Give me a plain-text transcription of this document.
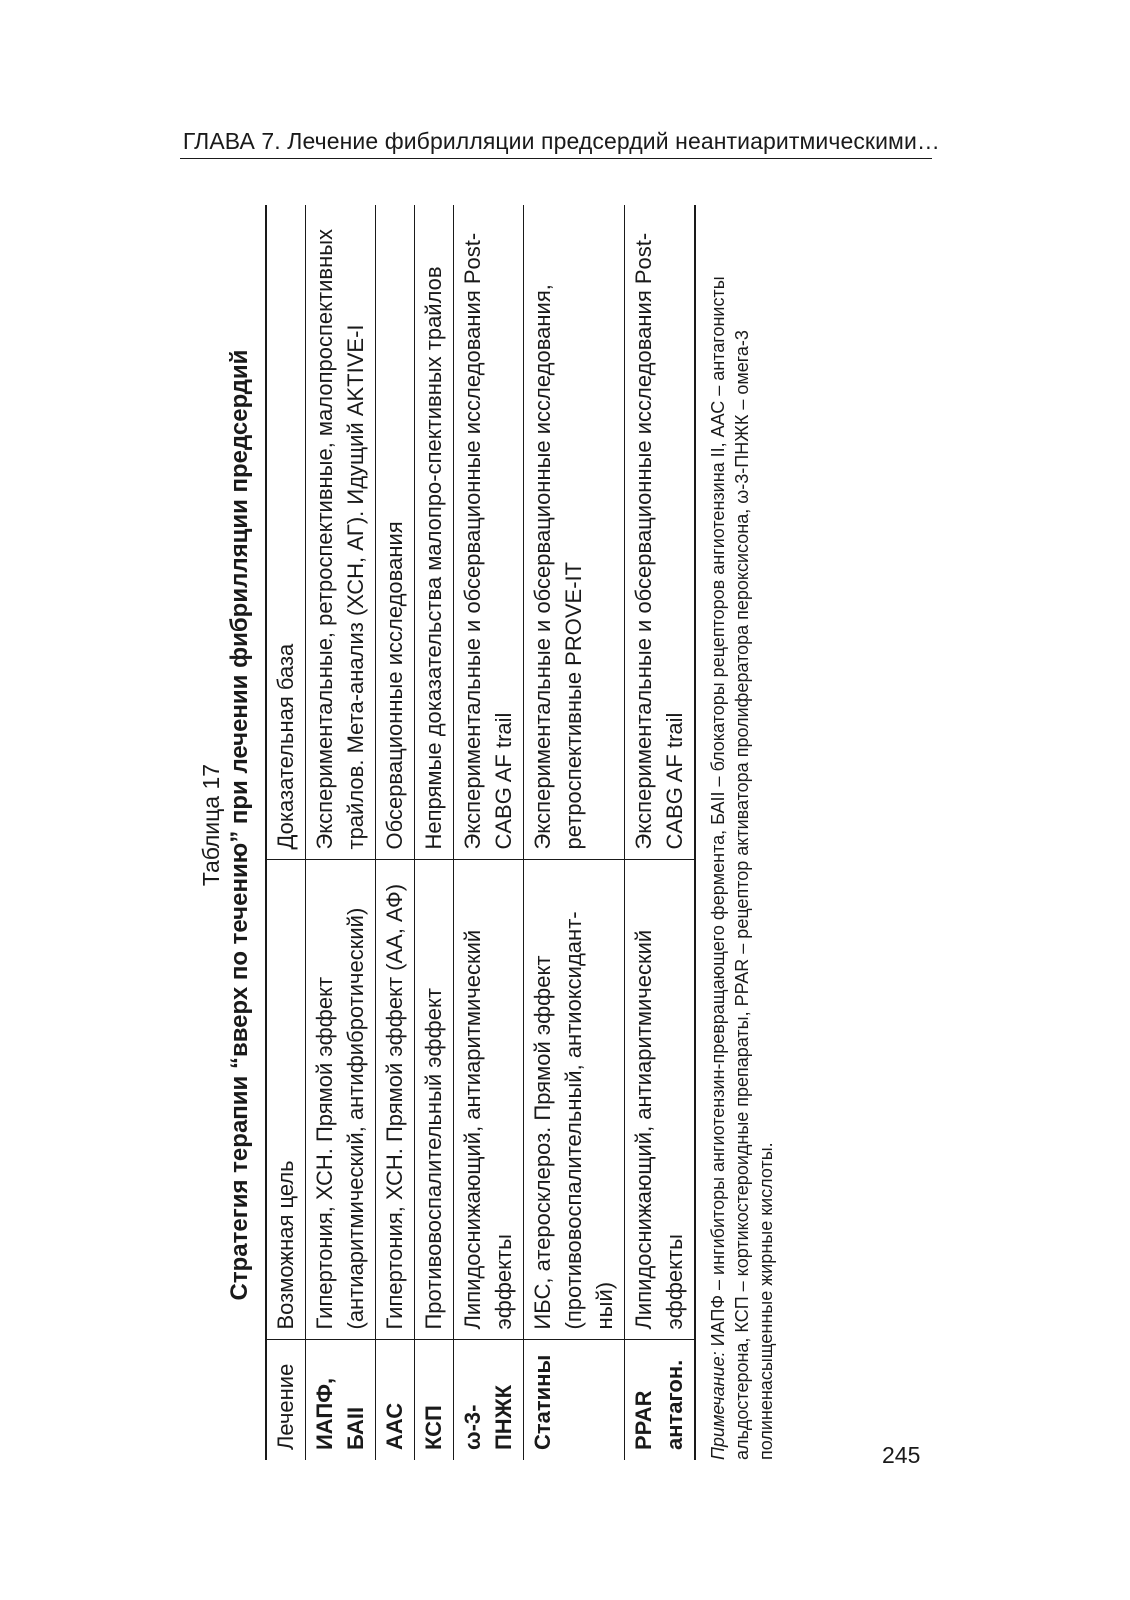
ГЛАВА 7. Лечение фибрилляции предсердий неантиаритмическими…
Таблица 17 Стратегия терапии “вверх по течению” при лечении фибрилляции предсердий
Лечение	Возможная цель	Доказательная база
ИАПФ, БАII	Гипертония, ХСН. Прямой эффект (антиаритмический, антифибротический)	Экспериментальные, ретроспективные, малопроспективных трайлов. Мета-анализ (ХСН, АГ). Идущий AKTIVE-I
ААС	Гипертония, ХСН. Прямой эффект (АА, АФ)	Обсервационные исследования
КСП	Противовоспалительный эффект	Непрямые доказательства малопро-спективных трайлов
ω-3-ПНЖК	Липидоснижающий, антиаритмический эффекты	Экспериментальные и обсервационные исследования Post-CABG AF trail
Статины	ИБС, атеросклероз. Прямой эффект (противовоспалительный, антиоксидант-ный)	Экспериментальные и обсервационные исследования, ретроспективные PROVE-IT
PPAR антагон.	Липидоснижающий, антиаритмический эффекты	Экспериментальные и обсервационные исследования Post-CABG AF trail
Примечание: ИАПФ – ингибиторы ангиотензин-превращающего фермента, БАII – блокаторы рецепторов ангиотензина II, ААС – антагонисты альдостерона, КСП – кортикостероидные препараты, PPAR – рецептор активатора пролифератора пероксисона, ω-3-ПНЖК – омега-3 полиненасыщенные жирные кислоты.	245
